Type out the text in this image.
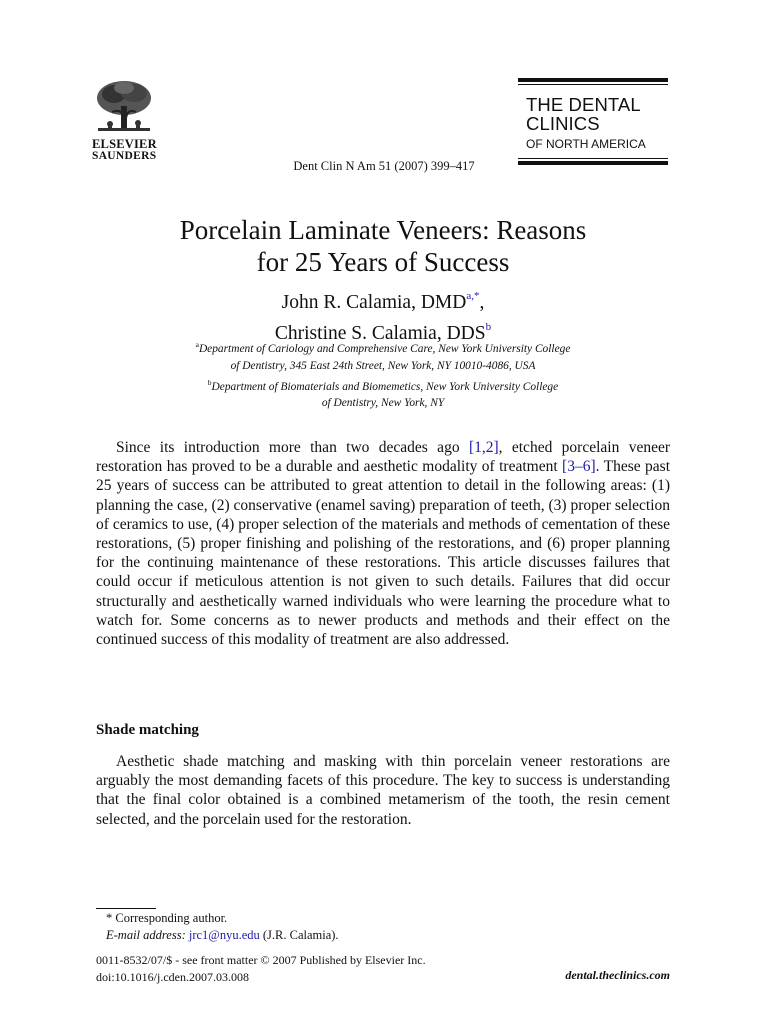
ELSEVIER
SAUNDERS
Dent Clin N Am 51 (2007) 399–417
THE DENTAL
CLINICS
OF NORTH AMERICA
Porcelain Laminate Veneers: Reasons
for 25 Years of Success
John R. Calamia, $DMD^{a,*}$,
Christine S. Calamia, DDS$^b$
$^a$Department of Cariology and Comprehensive Care, New York University College
of Dentistry, 345 East 24th Street, New York, NY 10010-4086, USA
$^b$Department of Biomaterials and Biomemetics, New York University College
of Dentistry, New York, NY
Since its introduction more than two decades ago [1,2], etched porcelain veneer restoration has proved to be a durable and aesthetic modality of treatment [3–6]. These past 25 years of success can be attributed to great attention to detail in the following areas: (1) planning the case, (2) conservative (enamel saving) preparation of teeth, (3) proper selection of ceramics to use, (4) proper selection of the materials and methods of cementation of these restorations, (5) proper finishing and polishing of the restorations, and (6) proper planning for the continuing maintenance of these restorations. This article discusses failures that could occur if meticulous attention is not given to such details. Failures that did occur structurally and aesthetically warned individuals who were learning the procedure what to watch for. Some concerns as to newer products and methods and their effect on the continued success of this modality of treatment are also addressed.
Shade matching
Aesthetic shade matching and masking with thin porcelain veneer restorations are arguably the most demanding facets of this procedure. The key to success is understanding that the final color obtained is a combined metamerism of the tooth, the resin cement selected, and the porcelain used for the restoration.
* Corresponding author.
E-mail address: jrc1@nyu.edu (J.R. Calamia).
0011-8532/07/$ - see front matter © 2007 Published by Elsevier Inc.
doi:10.1016/j.cden.2007.03.008	dental.theclinics.com
